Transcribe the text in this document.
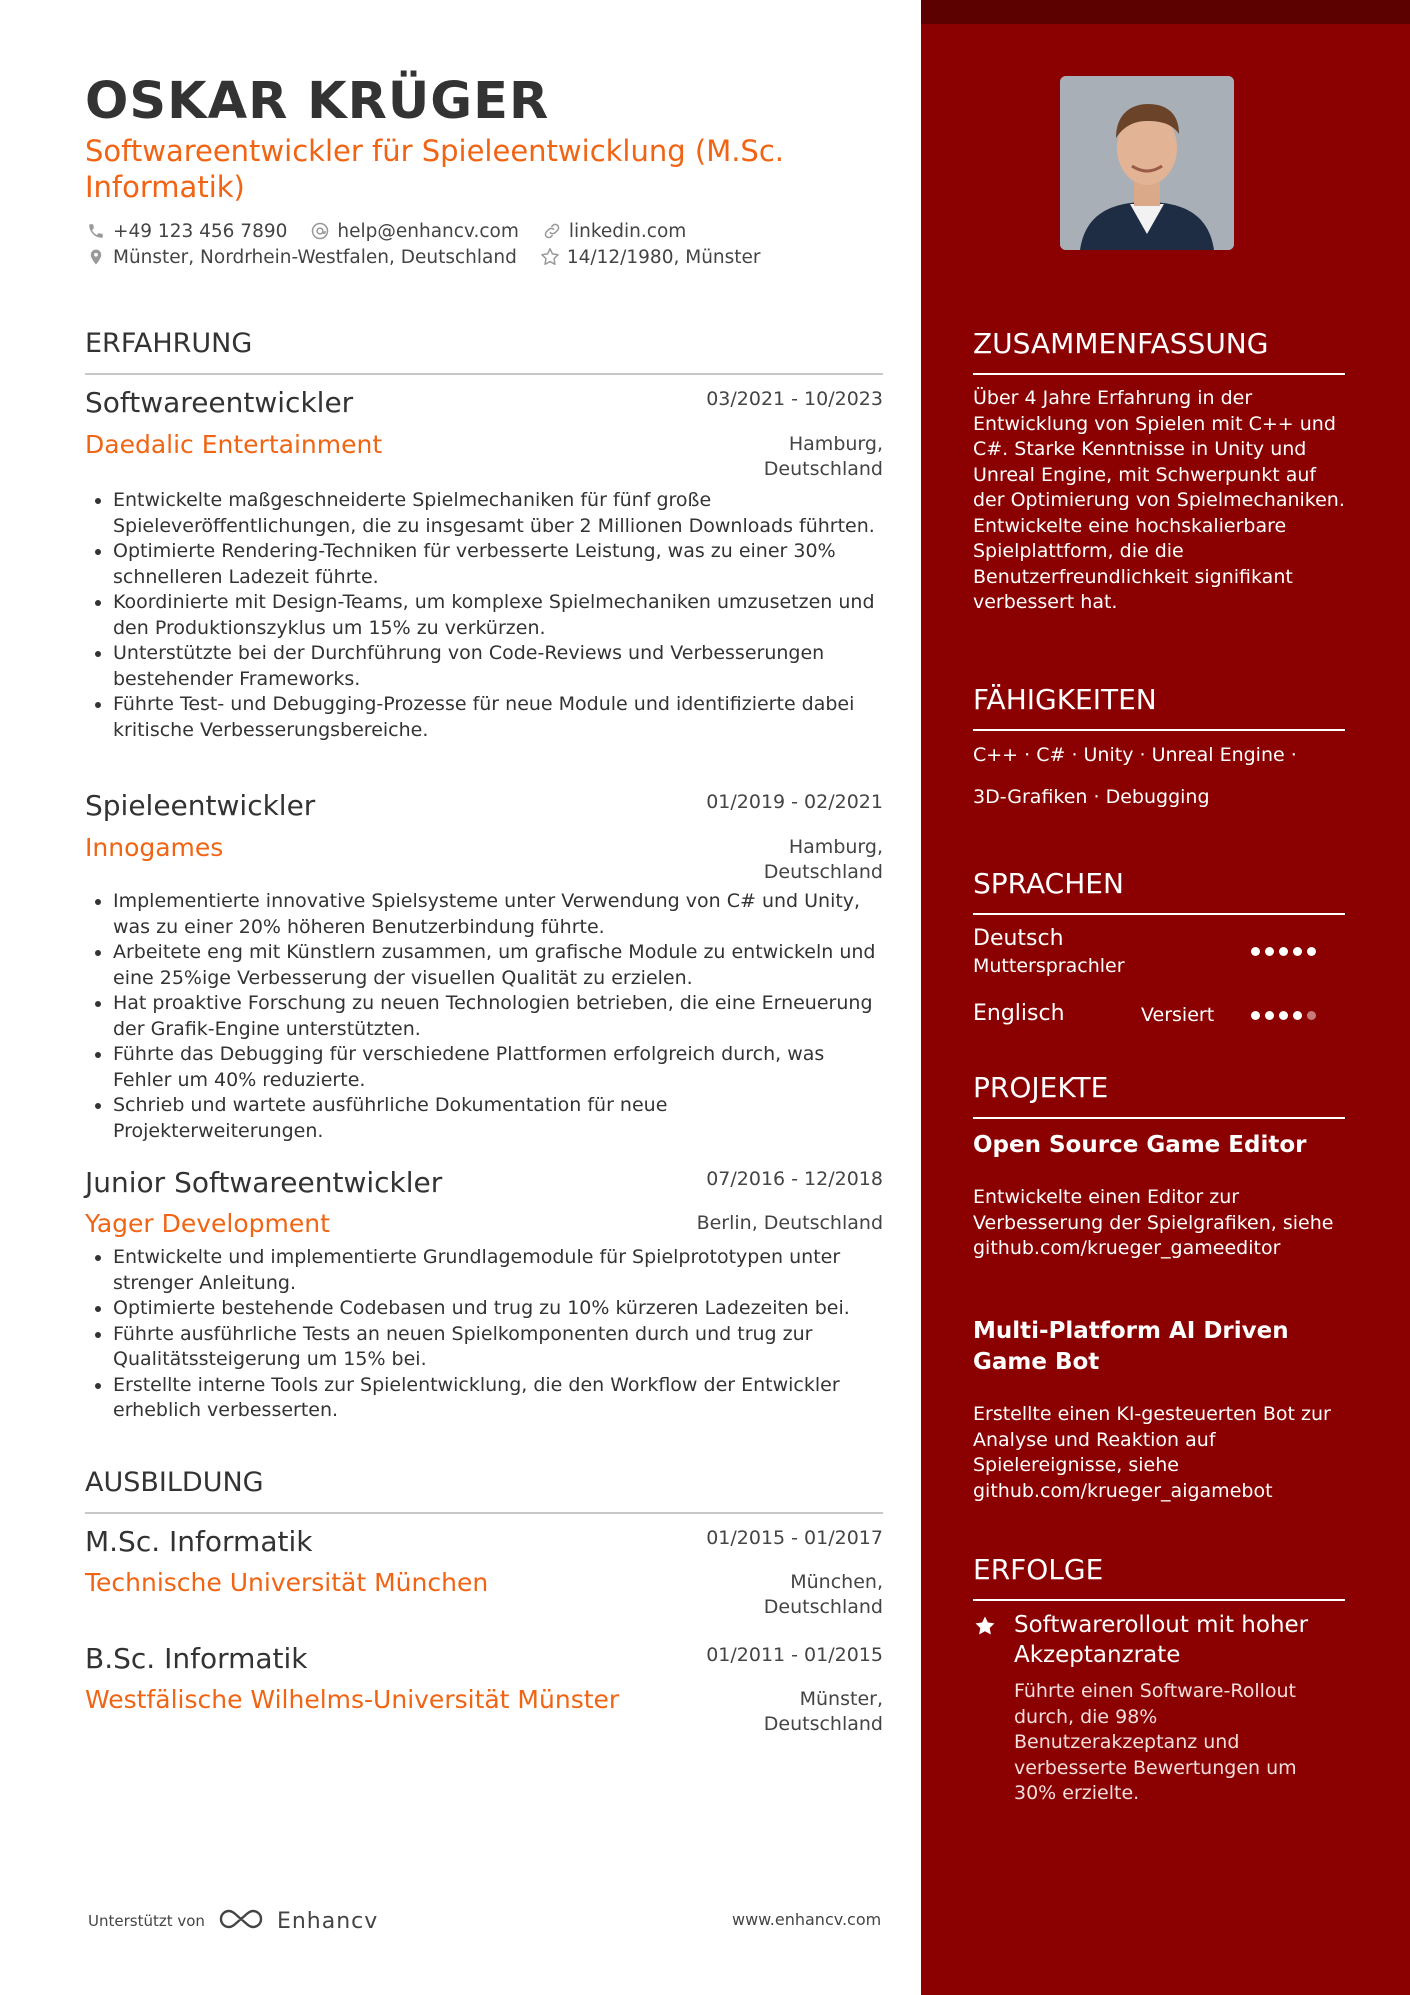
OSKAR KRÜGER
Softwareentwickler für Spieleentwicklung (M.Sc. Informatik)
+49 123 456 7890	help@enhancv.com	linkedin.com
Münster, Nordrhein-Westfalen, Deutschland	14/12/1980, Münster
ERFAHRUNG
Softwareentwickler	03/2021 - 10/2023
Daedalic Entertainment	Hamburg,
Deutschland
• Entwickelte maßgeschneiderte Spielmechaniken für fünf große Spieleveröffentlichungen, die zu insgesamt über 2 Millionen Downloads führten.
• Optimierte Rendering-Techniken für verbesserte Leistung, was zu einer 30% schnelleren Ladezeit führte.
• Koordinierte mit Design-Teams, um komplexe Spielmechaniken umzusetzen und den Produktionszyklus um 15% zu verkürzen.
• Unterstützte bei der Durchführung von Code-Reviews und Verbesserungen bestehender Frameworks.
• Führte Test- und Debugging-Prozesse für neue Module und identifizierte dabei kritische Verbesserungsbereiche.
Spieleentwickler	01/2019 - 02/2021
Innogames	Hamburg,
Deutschland
• Implementierte innovative Spielsysteme unter Verwendung von C# und Unity, was zu einer 20% höheren Benutzerbindung führte.
• Arbeitete eng mit Künstlern zusammen, um grafische Module zu entwickeln und eine 25%ige Verbesserung der visuellen Qualität zu erzielen.
• Hat proaktive Forschung zu neuen Technologien betrieben, die eine Erneuerung der Grafik-Engine unterstützten.
• Führte das Debugging für verschiedene Plattformen erfolgreich durch, was Fehler um 40% reduzierte.
• Schrieb und wartete ausführliche Dokumentation für neue Projekterweiterungen.
Junior Softwareentwickler	07/2016 - 12/2018
Yager Development	Berlin, Deutschland
• Entwickelte und implementierte Grundlagemodule für Spielprototypen unter strenger Anleitung.
• Optimierte bestehende Codebasen und trug zu 10% kürzeren Ladezeiten bei.
• Führte ausführliche Tests an neuen Spielkomponenten durch und trug zur Qualitätssteigerung um 15% bei.
• Erstellte interne Tools zur Spielentwicklung, die den Workflow der Entwickler erheblich verbesserten.
AUSBILDUNG
M.Sc. Informatik	01/2015 - 01/2017
Technische Universität München	München,
Deutschland
B.Sc. Informatik	01/2011 - 01/2015
Westfälische Wilhelms-Universität Münster	Münster,
Deutschland
Unterstützt von	Enhancv	www.enhancv.com
ZUSAMMENFASSUNG
Über 4 Jahre Erfahrung in der Entwicklung von Spielen mit C++ und C#. Starke Kenntnisse in Unity und Unreal Engine, mit Schwerpunkt auf der Optimierung von Spielmechaniken. Entwickelte eine hochskalierbare Spielplattform, die die Benutzerfreundlichkeit signifikant verbessert hat.
FÄHIGKEITEN
C++ · C# · Unity · Unreal Engine ·
3D-Grafiken · Debugging
SPRACHEN
Deutsch
Muttersprachler
Englisch	Versiert
PROJEKTE
Open Source Game Editor
Entwickelte einen Editor zur Verbesserung der Spielgrafiken, siehe github.com/krueger_gameeditor
Multi-Platform AI Driven Game Bot
Erstellte einen KI-gesteuerten Bot zur Analyse und Reaktion auf Spielereignisse, siehe github.com/krueger_aigamebot
ERFOLGE
Softwarerollout mit hoher Akzeptanzrate
Führte einen Software-Rollout durch, die 98% Benutzerakzeptanz und verbesserte Bewertungen um 30% erzielte.
